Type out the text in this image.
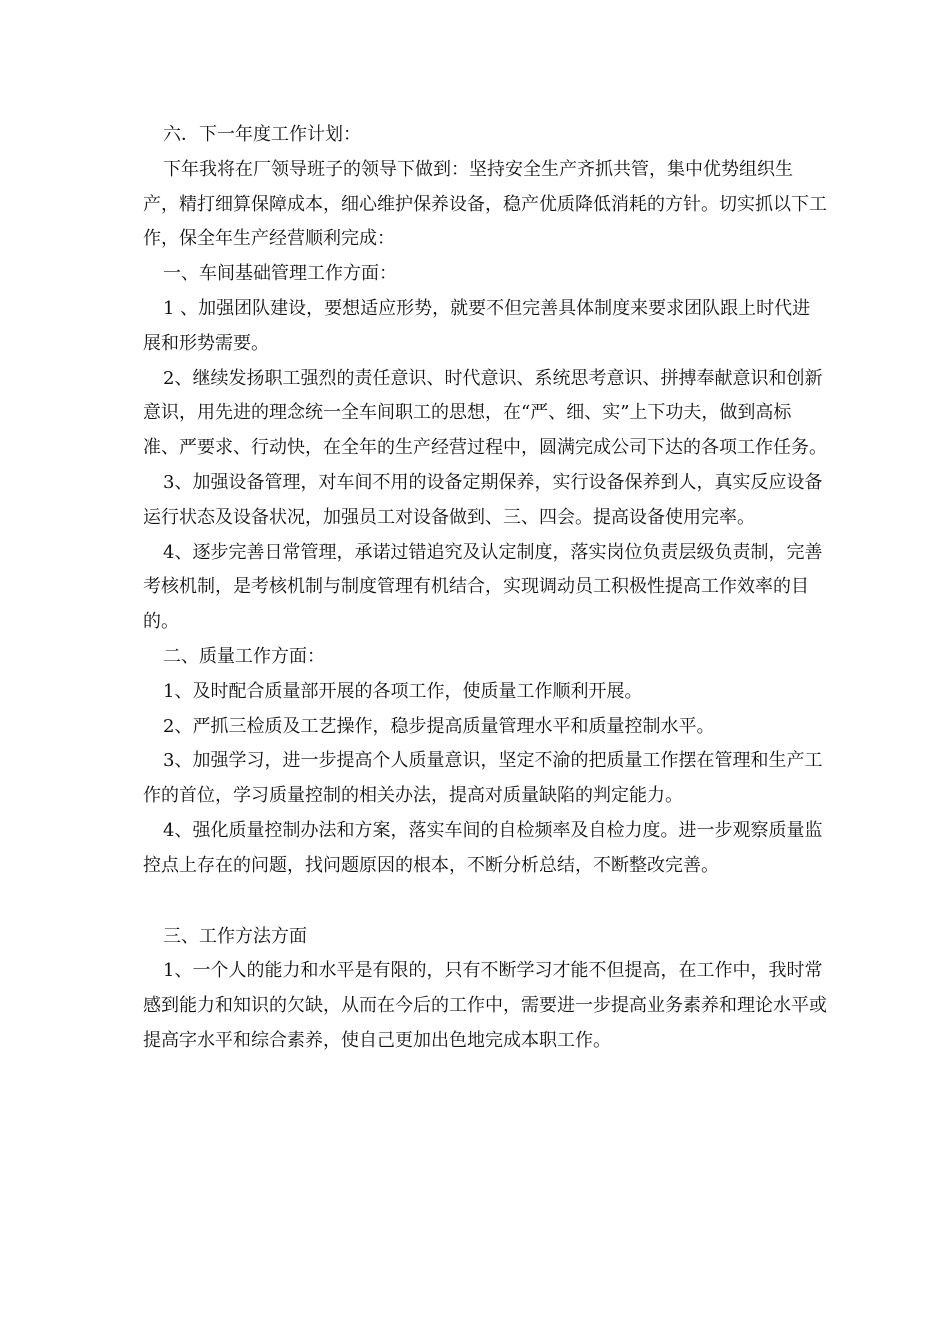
六．下一年度工作计划：

下年我将在厂领导班子的领导下做到：坚持安全生产齐抓共管，集中优势组织生产，精打细算保障成本，细心维护保养设备，稳产优质降低消耗的方针。切实抓以下工作，保全年生产经营顺利完成：

一、车间基础管理工作方面：

1 、加强团队建设，要想适应形势，就要不但完善具体制度来要求团队跟上时代进展和形势需要。

2、继续发扬职工强烈的责任意识、时代意识、系统思考意识、拼搏奉献意识和创新意识，用先进的理念统一全车间职工的思想，在“严、细、实”上下功夫，做到高标准、严要求、行动快，在全年的生产经营过程中，圆满完成公司下达的各项工作任务。

3、加强设备管理，对车间不用的设备定期保养，实行设备保养到人，真实反应设备运行状态及设备状况，加强员工对设备做到、三、四会。提高设备使用完率。

4、逐步完善日常管理，承诺过错追究及认定制度，落实岗位负责层级负责制，完善考核机制，是考核机制与制度管理有机结合，实现调动员工积极性提高工作效率的目的。

二、质量工作方面：

1、及时配合质量部开展的各项工作，使质量工作顺利开展。

2、严抓三检质及工艺操作，稳步提高质量管理水平和质量控制水平。

3、加强学习，进一步提高个人质量意识，坚定不渝的把质量工作摆在管理和生产工作的首位，学习质量控制的相关办法，提高对质量缺陷的判定能力。

4、强化质量控制办法和方案，落实车间的自检频率及自检力度。进一步观察质量监控点上存在的问题，找问题原因的根本，不断分析总结，不断整改完善。

三、工作方法方面

1、一个人的能力和水平是有限的，只有不断学习才能不但提高，在工作中，我时常感到能力和知识的欠缺，从而在今后的工作中，需要进一步提高业务素养和理论水平或提高字水平和综合素养，使自己更加出色地完成本职工作。
